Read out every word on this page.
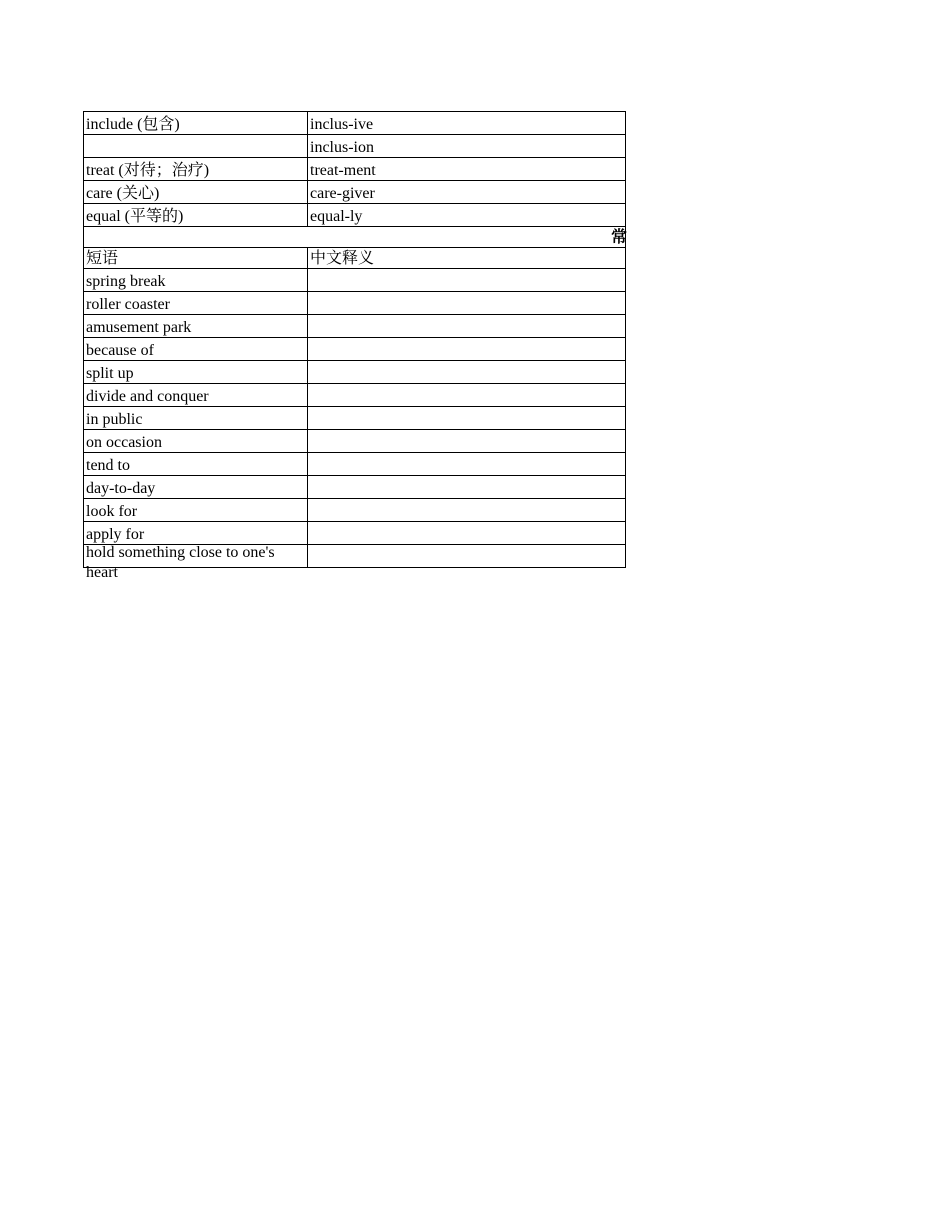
include (包含)	inclus-ive
	inclus-ion
treat (对待；治疗)	treat-ment
care (关心)	care-giver
equal (平等的)	equal-ly
常	
短语	中文释义
spring break	
roller coaster	
amusement park	
because of	
split up	
divide and conquer	
in public	
on occasion	
tend to	
day-to-day	
look for	
apply for	

hold something close to one's heart	
